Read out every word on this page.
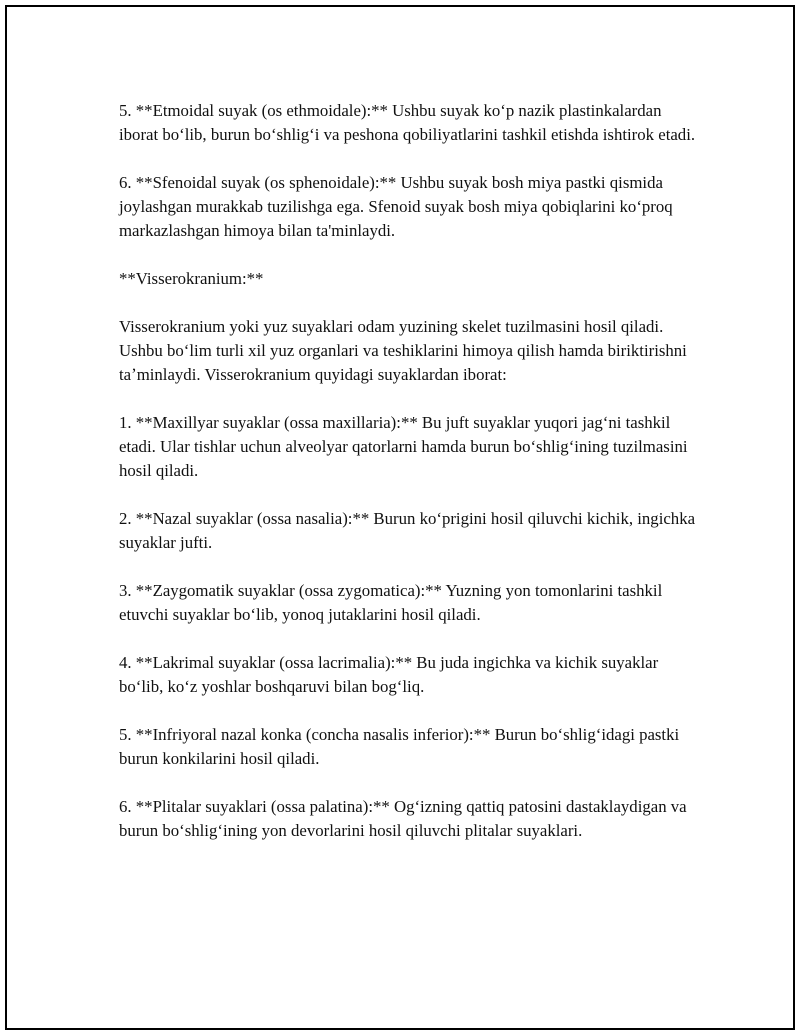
5. **Etmoidal suyak (os ethmoidale):** Ushbu suyak koʻp nazik plastinkalardan iborat boʻlib, burun boʻshligʻi va peshona qobiliyatlarini tashkil etishda ishtirok etadi.

6. **Sfenoidal suyak (os sphenoidale):** Ushbu suyak bosh miya pastki qismida joylashgan murakkab tuzilishga ega. Sfenoid suyak bosh miya qobiqlarini koʻproq markazlashgan himoya bilan ta'minlaydi.

**Visserokranium:**

Visserokranium yoki yuz suyaklari odam yuzining skelet tuzilmasini hosil qiladi. Ushbu boʻlim turli xil yuz organlari va teshiklarini himoya qilish hamda biriktirishni taʼminlaydi. Visserokranium quyidagi suyaklardan iborat:

1. **Maxillyar suyaklar (ossa maxillaria):** Bu juft suyaklar yuqori jagʻni tashkil etadi. Ular tishlar uchun alveolyar qatorlarni hamda burun boʻshligʻining tuzilmasini hosil qiladi.

2. **Nazal suyaklar (ossa nasalia):** Burun koʻprigini hosil qiluvchi kichik, ingichka suyaklar jufti.

3. **Zaygomatik suyaklar (ossa zygomatica):** Yuzning yon tomonlarini tashkil etuvchi suyaklar boʻlib, yonoq jutaklarini hosil qiladi.

4. **Lakrimal suyaklar (ossa lacrimalia):** Bu juda ingichka va kichik suyaklar boʻlib, koʻz yoshlar boshqaruvi bilan bogʻliq.

5. **Infriyoral nazal konka (concha nasalis inferior):** Burun boʻshligʻidagi pastki burun konkilarini hosil qiladi.

6. **Plitalar suyaklari (ossa palatina):** Ogʻizning qattiq patosini dastaklaydigan va burun boʻshligʻining yon devorlarini hosil qiluvchi plitalar suyaklari.
